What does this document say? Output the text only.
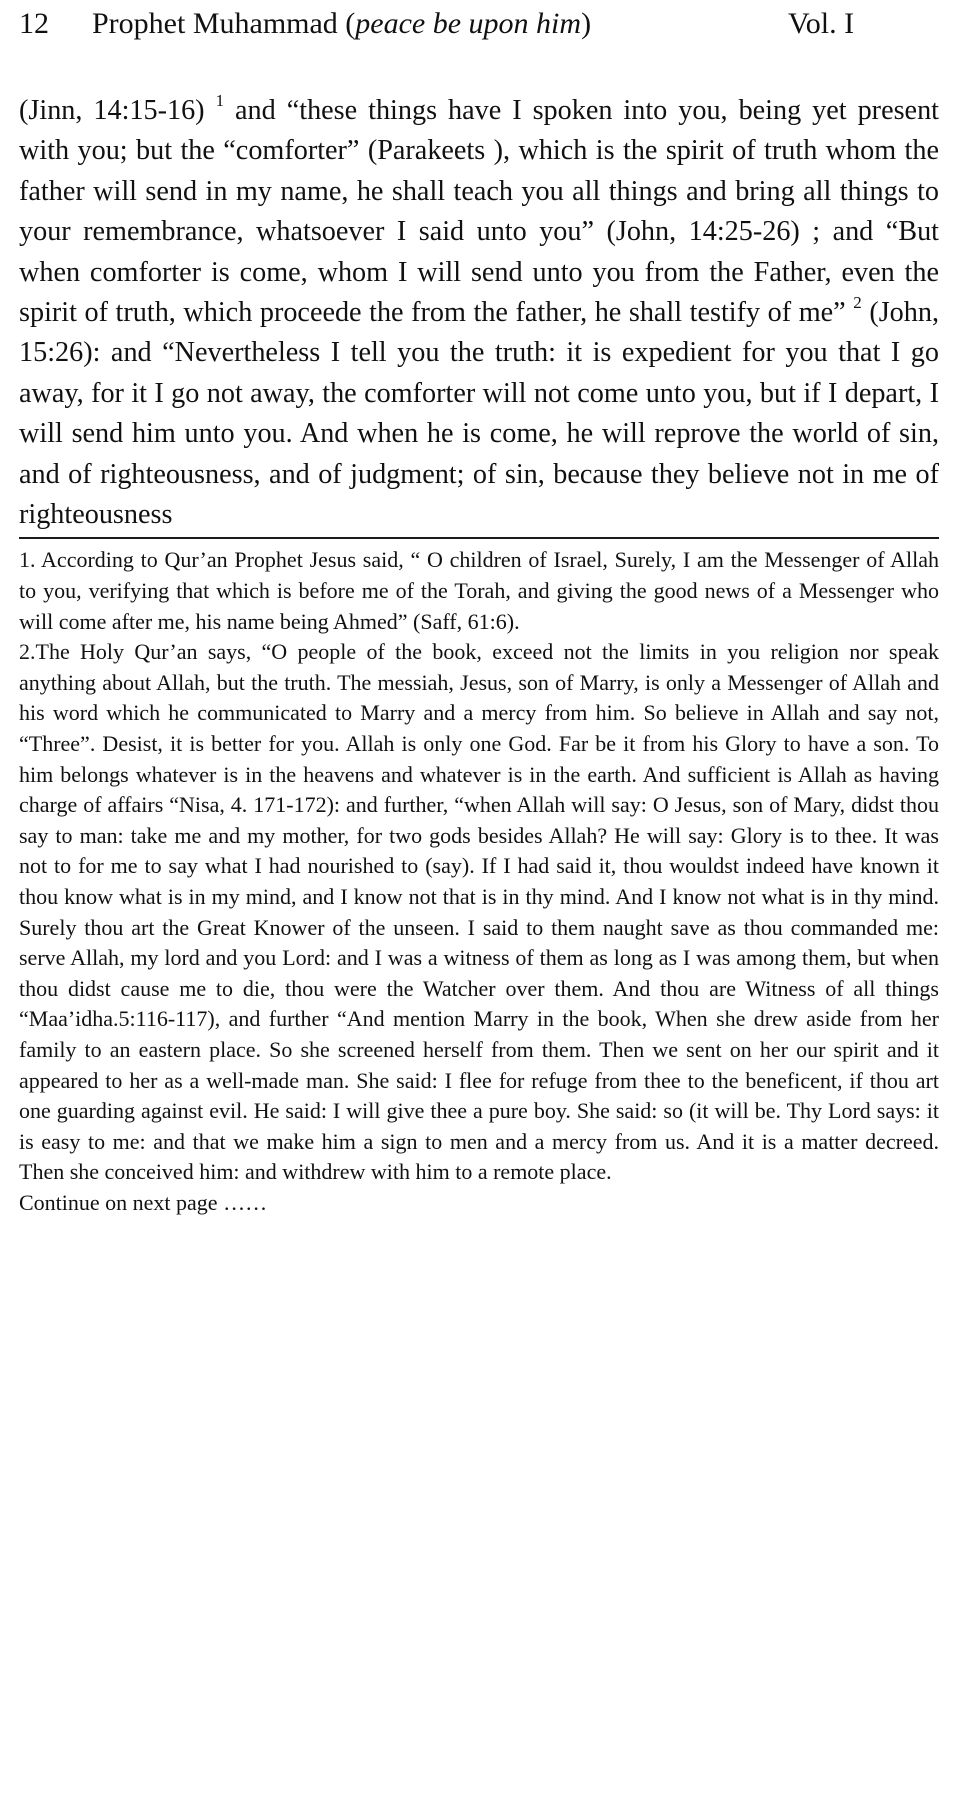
12 Prophet Muhammad (peace be upon him)	Vol. I

(Jinn, 14:15-16) $^1$ and “these things have I spoken into you, being yet present with you; but the “comforter” (Parakeets ), which is the spirit of truth whom the father will send in my name, he shall teach you all things and bring all things to your remembrance, whatsoever I said unto you” (John, 14:25-26) ; and “But when comforter is come, whom I will send unto you from the Father, even the spirit of truth, which proceede the from the father, he shall testify of me” $^2$ (John, 15:26): and “Nevertheless I tell you the truth: it is expedient for you that I go away, for it I go not away, the comforter will not come unto you, but if I depart, I will send him unto you. And when he is come, he will reprove the world of sin, and of righteousness, and of judgment; of sin, because they believe not in me of righteousness

1. According to Qur’an Prophet Jesus said, “ O children of Israel, Surely, I am the Messenger of Allah to you, verifying that which is before me of the Torah, and giving the good news of a Messenger who will come after me, his name being Ahmed” (Saff, 61:6).

2.The Holy Qur’an says, “O people of the book, exceed not the limits in you religion nor speak anything about Allah, but the truth. The messiah, Jesus, son of Marry, is only a Messenger of Allah and his word which he communicated to Marry and a mercy from him. So believe in Allah and say not, “Three”. Desist, it is better for you. Allah is only one God. Far be it from his Glory to have a son. To him belongs whatever is in the heavens and whatever is in the earth. And sufficient is Allah as having charge of affairs “Nisa, 4. 171-172): and further, “when Allah will say: O Jesus, son of Mary, didst thou say to man: take me and my mother, for two gods besides Allah? He will say: Glory is to thee. It was not to for me to say what I had nourished to (say). If I had said it, thou wouldst indeed have known it thou know what is in my mind, and I know not that is in thy mind. And I know not what is in thy mind. Surely thou art the Great Knower of the unseen. I said to them naught save as thou commanded me: serve Allah, my lord and you Lord: and I was a witness of them as long as I was among them, but when thou didst cause me to die, thou were the Watcher over them. And thou are Witness of all things “Maa’idha.5:116-117), and further “And mention Marry in the book, When she drew aside from her family to an eastern place. So she screened herself from them. Then we sent on her our spirit and it appeared to her as a well-made man. She said: I flee for refuge from thee to the beneficent, if thou art one guarding against evil. He said: I will give thee a pure boy. She said: so (it will be. Thy Lord says: it is easy to me: and that we make him a sign to men and a mercy from us. And it is a matter decreed. Then she conceived him: and withdrew with him to a remote place.

Continue on next page ……
